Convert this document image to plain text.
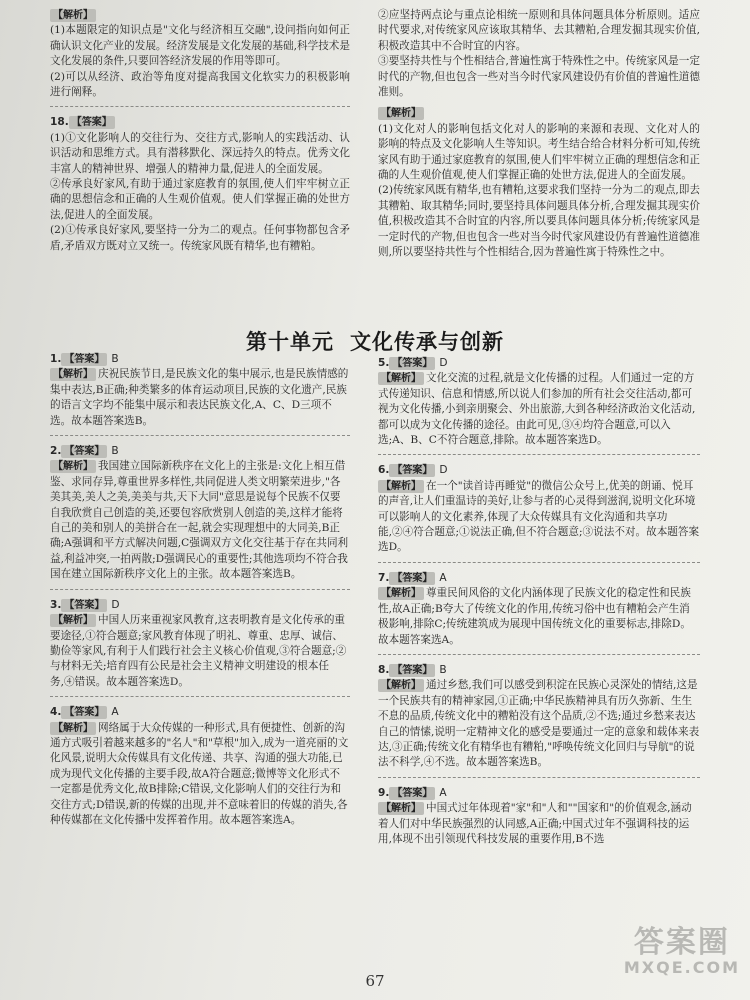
【解析】

(1)本题限定的知识点是"文化与经济相互交融",设问指向如何正确认识文化产业的发展。经济发展是文化发展的基础,科学技术是文化发展的条件,只要回答经济发展的作用等即可。

(2)可以从经济、政治等角度对提高我国文化软实力的积极影响进行阐释。

18. 【答案】

(1)①文化影响人的交往行为、交往方式,影响人的实践活动、认识活动和思维方式。具有潜移默化、深远持久的特点。优秀文化丰富人的精神世界、增强人的精神力量,促进人的全面发展。

②传承良好家风,有助于通过家庭教育的氛围,使人们牢牢树立正确的思想信念和正确的人生观价值观。使人们掌握正确的处世方法,促进人的全面发展。

(2)①传承良好家风,要坚持一分为二的观点。任何事物都包含矛盾,矛盾双方既对立又统一。传统家风既有精华,也有糟粕。

②应坚持两点论与重点论相统一原则和具体问题具体分析原则。适应时代要求,对传统家风应该取其精华、去其糟粕,合理发掘其现实价值,积极改造其中不合时宜的内容。

③要坚持共性与个性相结合,普遍性寓于特殊性之中。传统家风是一定时代的产物,但也包含一些对当今时代家风建设仍有价值的普遍性道德准则。

【解析】

(1)文化对人的影响包括文化对人的影响的来源和表现、文化对人的影响的特点及文化影响人生等知识。考生结合给合材料分析可知,传统家风有助于通过家庭教育的氛围,使人们牢牢树立正确的理想信念和正确的人生观价值观,使人们掌握正确的处世方法,促进人的全面发展。

(2)传统家风既有精华,也有糟粕,这要求我们坚持一分为二的观点,即去其糟粕、取其精华;同时,要坚持具体问题具体分析,合理发掘其现实价值,积极改造其不合时宜的内容,所以要具体问题具体分析;传统家风是一定时代的产物,但也包含一些对当今时代家风建设仍有普遍性道德准则,所以要坚持共性与个性相结合,因为普遍性寓于特殊性之中。

第十单元 文化传承与创新
1. 【答案】 B
【解析】 庆祝民族节日,是民族文化的集中展示,也是民族情感的集中表达,B正确;种类繁多的体育运动项目,民族的文化遗产,民族的语言文字均不能集中展示和表达民族文化,A、C、D三项不选。故本题答案选B。
2. 【答案】 B
【解析】 我国建立国际新秩序在文化上的主张是:文化上相互借鉴、求同存异,尊重世界多样性,共同促进人类文明繁荣进步,"各美其美,美人之美,美美与共,天下大同"意思是说每个民族不仅要自我欣赏自己创造的美,还要包容欣赏别人创造的美,这样才能将自己的美和别人的美拼合在一起,就会实现理想中的大同美,B正确;A强调和平方式解决问题,C强调双方文化交往基于存在共同利益,利益冲突,一拍两散;D强调民心的重要性;其他选项均不符合我国在建立国际新秩序文化上的主张。故本题答案选B。
3. 【答案】 D
【解析】 中国人历来重视家风教育,这表明教育是文化传承的重要途径,①符合题意;家风教育体现了明礼、尊重、忠厚、诚信、勤俭等家风,有利于人们践行社会主义核心价值观,③符合题意;②与材料无关;培育四有公民是社会主义精神文明建设的根本任务,④错误。故本题答案选D。
4. 【答案】 A
【解析】 网络属于大众传媒的一种形式,具有便捷性、创新的沟通方式吸引着越来越多的"名人"和"草根"加入,成为一道亮丽的文化风景,说明大众传媒具有文化传递、共享、沟通的强大功能,已成为现代文化传播的主要手段,故A符合题意;微博等文化形式不一定都是优秀文化,故B排除;C错误,文化影响人们的交往行为和交往方式;D错误,新的传媒的出现,并不意味着旧的传媒的消失,各种传媒都在文化传播中发挥着作用。故本题答案选A。
5. 【答案】 D
【解析】 文化交流的过程,就是文化传播的过程。人们通过一定的方式传递知识、信息和情感,所以说人们参加的所有社会交往活动,都可视为文化传播,小到亲朋聚会、外出旅游,大到各种经济政治文化活动,都可以成为文化传播的途径。由此可见,③④均符合题意,可以入选;A、B、C不符合题意,排除。故本题答案选D。
6. 【答案】 D
【解析】 在一个"读首诗再睡觉"的微信公众号上,优美的朗诵、悦耳的声音,让人们重温诗的美好,让参与者的心灵得到滋润,说明文化环境可以影响人的文化素养,体现了大众传媒具有文化沟通和共享功能,②④符合题意;①说法正确,但不符合题意;③说法不对。故本题答案选D。
7. 【答案】 A
【解析】 尊重民间风俗的文化内涵体现了民族文化的稳定性和民族性,故A正确;B夸大了传统文化的作用,传统习俗中也有糟粕会产生消极影响,排除C;传统建筑成为展现中国传统文化的重要标志,排除D。故本题答案选A。
8. 【答案】 B
【解析】 通过乡愁,我们可以感受到积淀在民族心灵深处的情结,这是一个民族共有的精神家园,①正确;中华民族精神具有历久弥新、生生不息的品质,传统文化中的糟粕没有这个品质,②不选;通过乡愁来表达自己的情愫,说明一定精神文化的感受是要通过一定的意象和载体来表达,③正确;传统文化有精华也有糟粕,"呼唤传统文化回归与导航"的说法不科学,④不选。故本题答案选B。
9. 【答案】 A
【解析】 中国式过年体现着"家"和"人和""国家和"的价值观念,涵动着人们对中华民族强烈的认同感,A正确;中国式过年不强调科技的运用,体现不出引领现代科技发展的重要作用,B不选
67
答案圈
MXQE.COM
